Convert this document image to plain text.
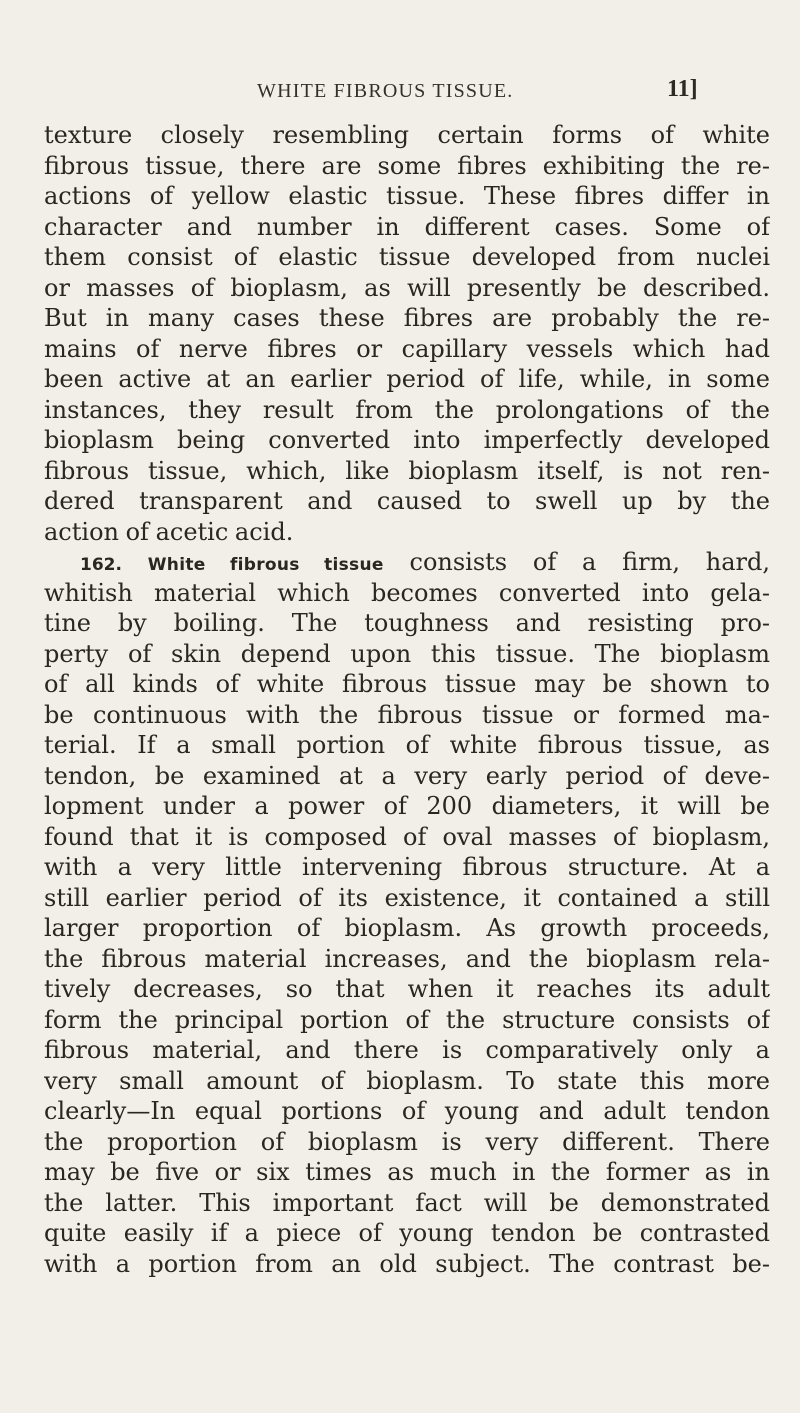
WHITE FIBROUS TISSUE.	11]
texture closely resembling certain forms of white
fibrous tissue, there are some fibres exhibiting the re-
actions of yellow elastic tissue. These fibres differ in
character and number in different cases. Some of
them consist of elastic tissue developed from nuclei
or masses of bioplasm, as will presently be described.
But in many cases these fibres are probably the re-
mains of nerve fibres or capillary vessels which had
been active at an earlier period of life, while, in some
instances, they result from the prolongations of the
bioplasm being converted into imperfectly developed
fibrous tissue, which, like bioplasm itself, is not ren-
dered transparent and caused to swell up by the
action of acetic acid.
162. White fibrous tissue consists of a firm, hard,
whitish material which becomes converted into gela-
tine by boiling. The toughness and resisting pro-
perty of skin depend upon this tissue. The bioplasm
of all kinds of white fibrous tissue may be shown to
be continuous with the fibrous tissue or formed ma-
terial. If a small portion of white fibrous tissue, as
tendon, be examined at a very early period of deve-
lopment under a power of 200 diameters, it will be
found that it is composed of oval masses of bioplasm,
with a very little intervening fibrous structure. At a
still earlier period of its existence, it contained a still
larger proportion of bioplasm. As growth proceeds,
the fibrous material increases, and the bioplasm rela-
tively decreases, so that when it reaches its adult
form the principal portion of the structure consists of
fibrous material, and there is comparatively only a
very small amount of bioplasm. To state this more
clearly—In equal portions of young and adult tendon
the proportion of bioplasm is very different. There
may be five or six times as much in the former as in
the latter. This important fact will be demonstrated
quite easily if a piece of young tendon be contrasted
with a portion from an old subject. The contrast be-
